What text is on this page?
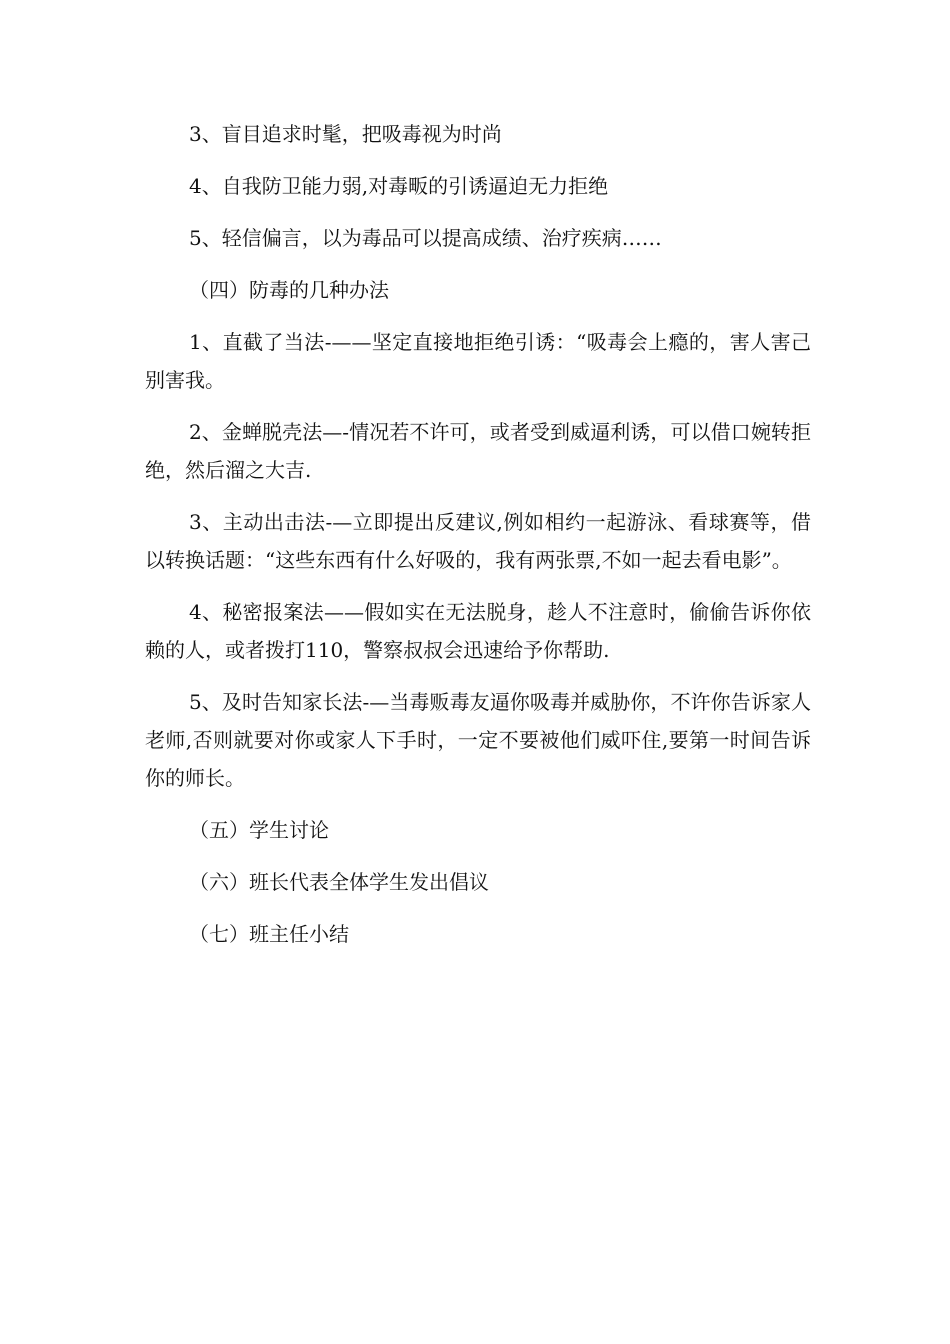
3、盲目追求时髦，把吸毒视为时尚

4、自我防卫能力弱,对毒畈的引诱逼迫无力拒绝

5、轻信偏言，以为毒品可以提高成绩、治疗疾病……

（四）防毒的几种办法

1、直截了当法-——坚定直接地拒绝引诱：“吸毒会上瘾的，害人害己别害我。

2、金蝉脱壳法—-情况若不许可，或者受到威逼利诱，可以借口婉转拒绝，然后溜之大吉.

3、主动出击法-—立即提出反建议,例如相约一起游泳、看球赛等，借以转换话题：“这些东西有什么好吸的，我有两张票,不如一起去看电影”。

4、秘密报案法——假如实在无法脱身，趁人不注意时，偷偷告诉你依赖的人，或者拨打110，警察叔叔会迅速给予你帮助.

5、及时告知家长法-—当毒贩毒友逼你吸毒并威胁你，不许你告诉家人老师,否则就要对你或家人下手时，一定不要被他们威吓住,要第一时间告诉你的师长。

（五）学生讨论

（六）班长代表全体学生发出倡议

（七）班主任小结
